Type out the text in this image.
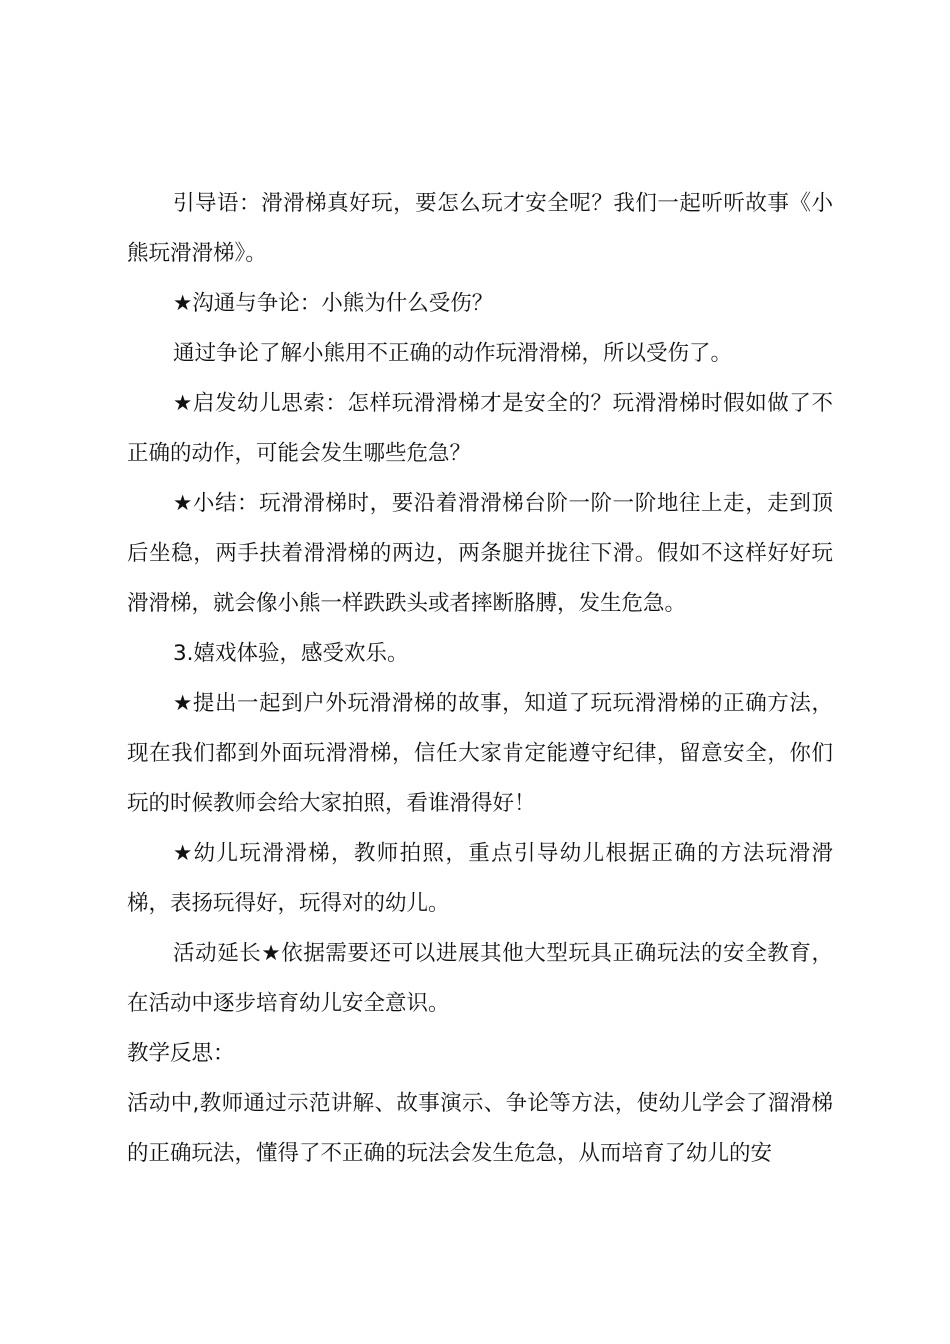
引导语：滑滑梯真好玩，要怎么玩才安全呢？我们一起听听故事《小熊玩滑滑梯》。

★沟通与争论：小熊为什么受伤？

通过争论了解小熊用不正确的动作玩滑滑梯，所以受伤了。

★启发幼儿思索：怎样玩滑滑梯才是安全的？玩滑滑梯时假如做了不正确的动作，可能会发生哪些危急？

★小结：玩滑滑梯时，要沿着滑滑梯台阶一阶一阶地往上走，走到顶后坐稳，两手扶着滑滑梯的两边，两条腿并拢往下滑。假如不这样好好玩滑滑梯，就会像小熊一样跌跌头或者摔断胳膊，发生危急。

3.嬉戏体验，感受欢乐。

★提出一起到户外玩滑滑梯的故事，知道了玩玩滑滑梯的正确方法，现在我们都到外面玩滑滑梯，信任大家肯定能遵守纪律，留意安全，你们玩的时候教师会给大家拍照，看谁滑得好！

★幼儿玩滑滑梯，教师拍照，重点引导幼儿根据正确的方法玩滑滑梯，表扬玩得好，玩得对的幼儿。

活动延长★依据需要还可以进展其他大型玩具正确玩法的安全教育，在活动中逐步培育幼儿安全意识。

教学反思：

活动中,教师通过示范讲解、故事演示、争论等方法，使幼儿学会了溜滑梯的正确玩法，懂得了不正确的玩法会发生危急，从而培育了幼儿的安
